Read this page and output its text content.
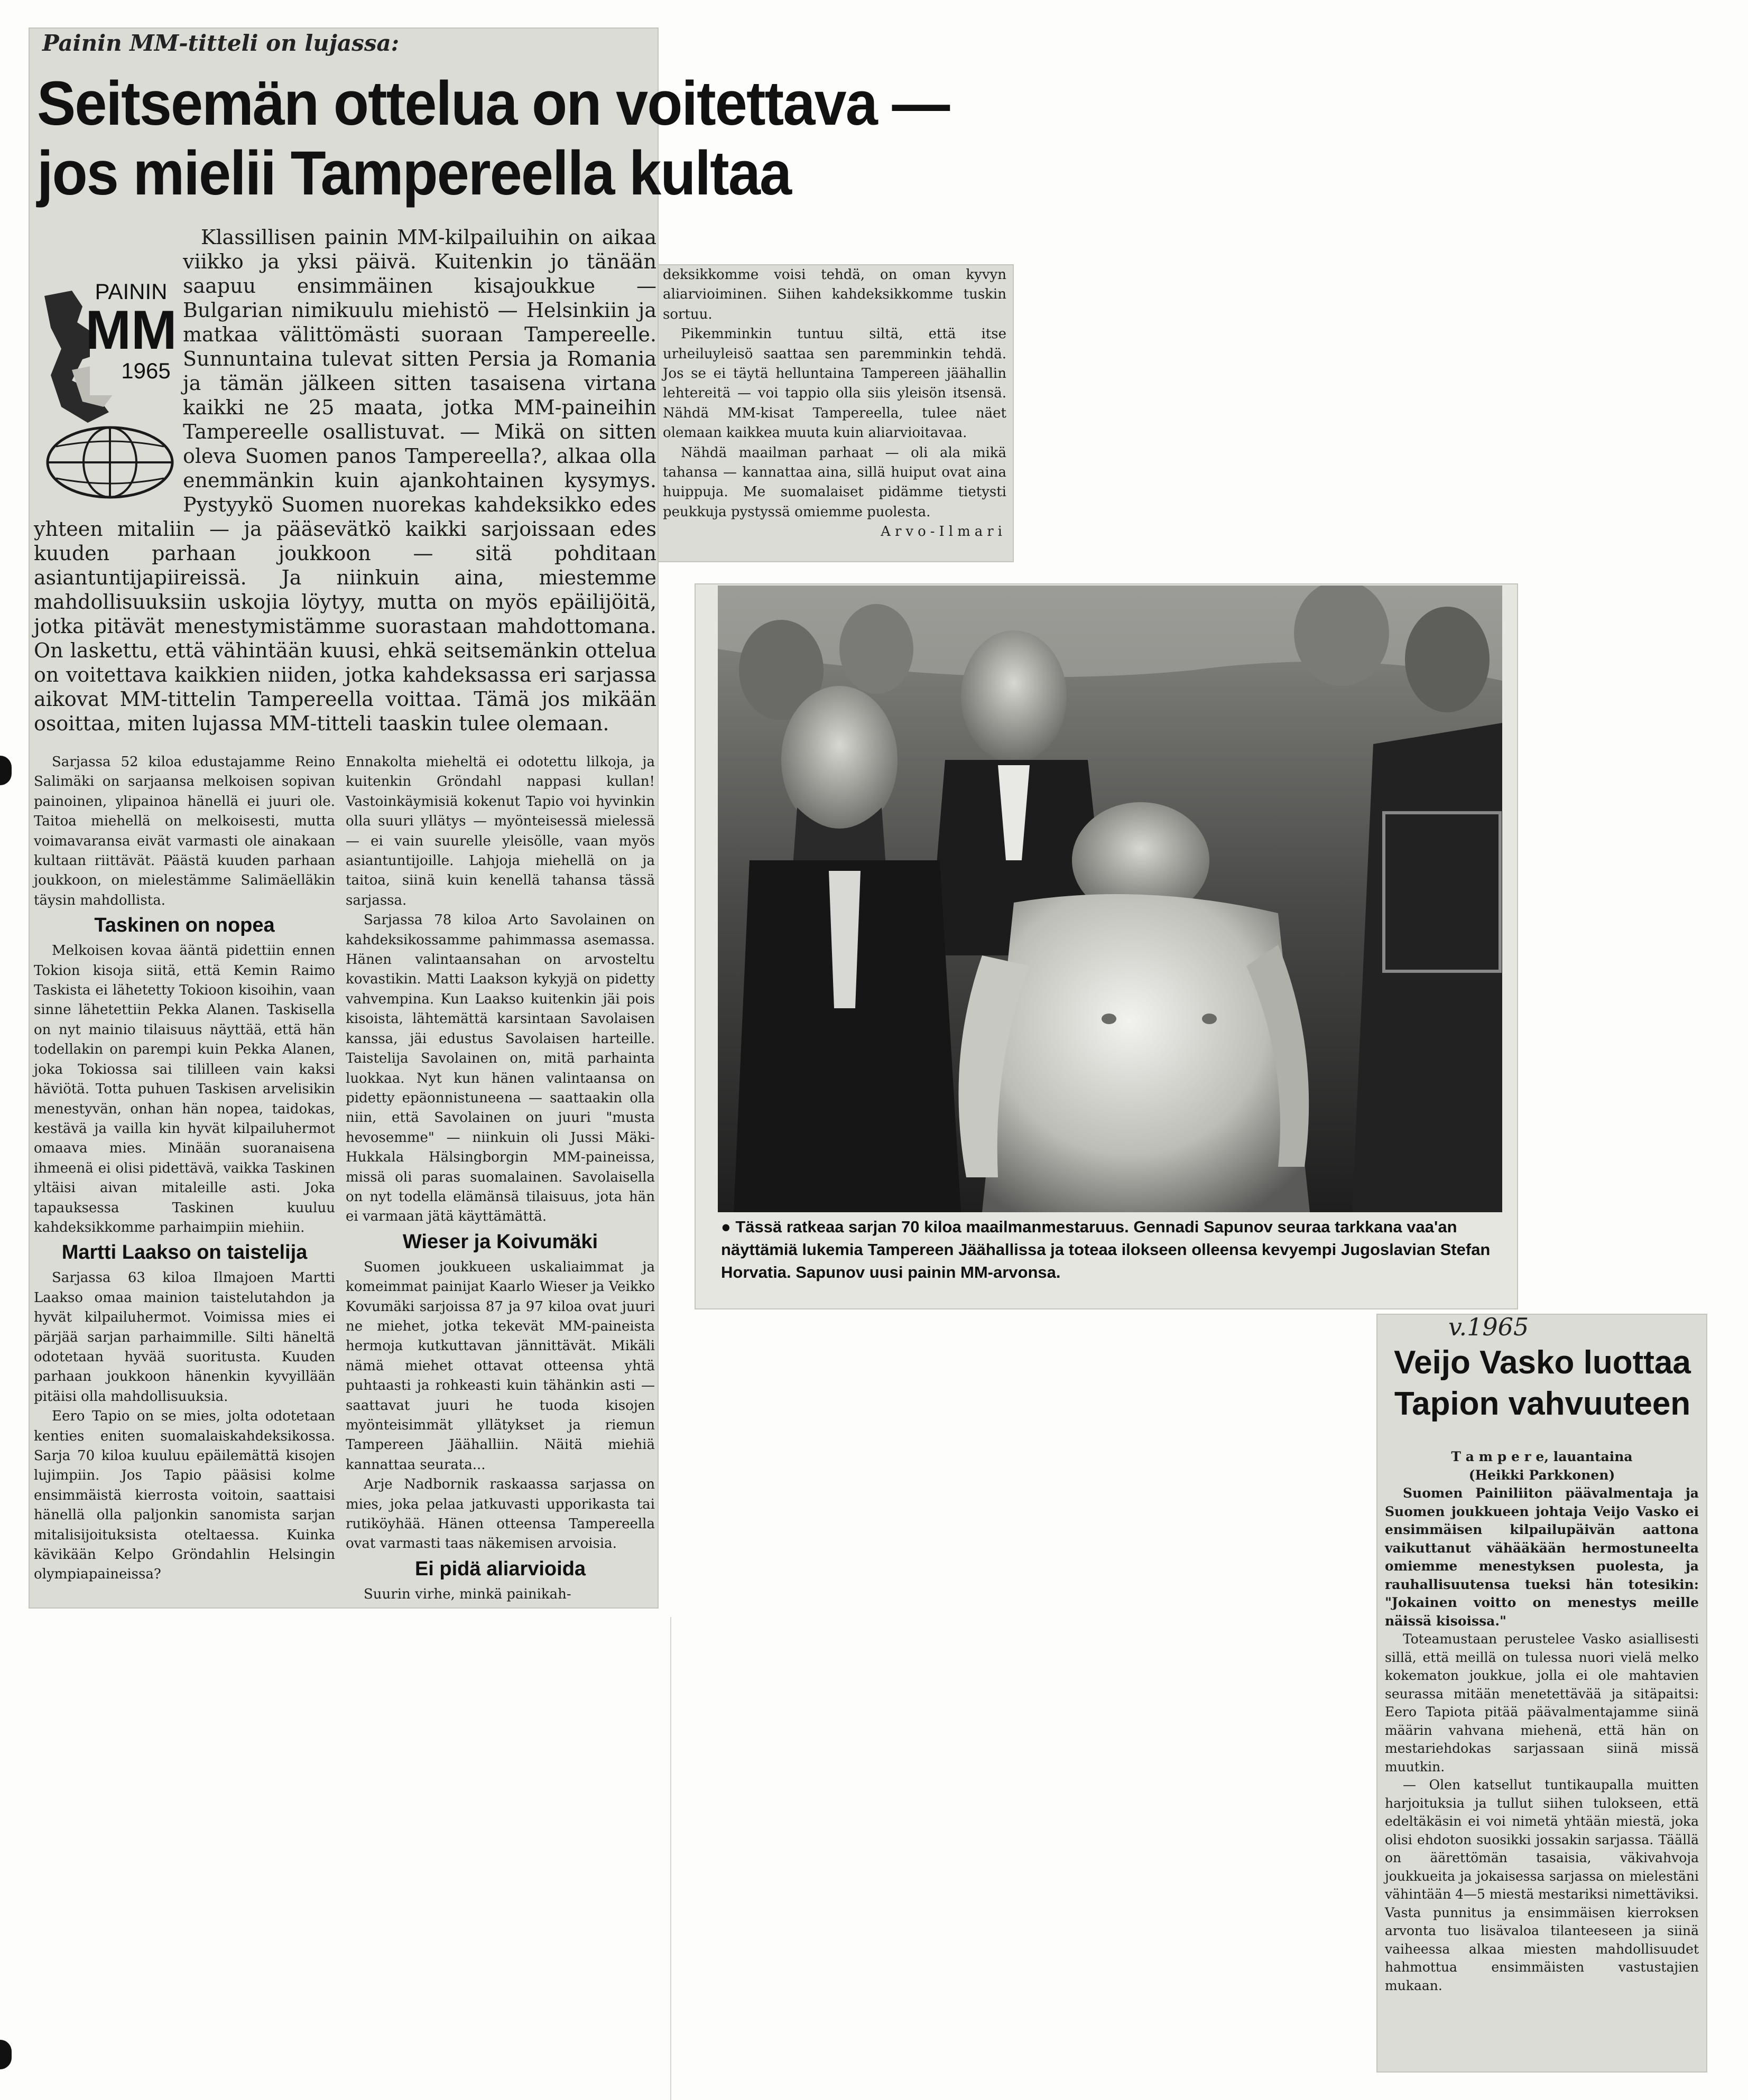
Painin MM-titteli on lujassa:
Seitsemän ottelua on voitettava —
jos mielii Tampereella kultaa
PAININ
MM
1965

Klassillisen painin MM-kilpailuihin on aikaa viikko ja yksi päivä. Kuitenkin jo tänään saapuu ensimmäinen kisajoukkue — Bulgarian nimikuulu miehistö — Helsinkiin ja matkaa välittömästi suoraan Tampereelle. Sunnuntaina tulevat sitten Persia ja Romania ja tämän jälkeen sitten tasaisena virtana kaikki ne 25 maata, jotka MM-paineihin Tampereelle osallistuvat. — Mikä on sitten oleva Suomen panos Tampereella?, alkaa olla enemmänkin kuin ajankohtainen kysymys. Pystyykö Suomen nuorekas kahdeksikko edes yhteen mitaliin — ja pääsevätkö kaikki sarjoissaan edes kuuden parhaan joukkoon — sitä pohditaan asiantuntijapiireissä. Ja niinkuin aina, miestemme mahdollisuuksiin uskojia löytyy, mutta on myös epäilijöitä, jotka pitävät menestymistämme suorastaan mahdottomana. On laskettu, että vähintään kuusi, ehkä seitsemänkin ottelua on voitettava kaikkien niiden, jotka kahdeksassa eri sarjassa aikovat MM-tittelin Tampereella voittaa. Tämä jos mikään osoittaa, miten lujassa MM-titteli taaskin tulee olemaan.

Sarjassa 52 kiloa edustajamme Reino Salimäki on sarjaansa melkoisen sopivan painoinen, ylipainoa hänellä ei juuri ole. Taitoa miehellä on melkoisesti, mutta voimavaransa eivät varmasti ole ainakaan kultaan riittävät. Päästä kuuden parhaan joukkoon, on mielestämme Salimäelläkin täysin mahdollista.

Taskinen on nopea

Melkoisen kovaa ääntä pidettiin ennen Tokion kisoja siitä, että Kemin Raimo Taskista ei lähetetty Tokioon kisoihin, vaan sinne lähetettiin Pekka Alanen. Taskisella on nyt mainio tilaisuus näyttää, että hän todellakin on parempi kuin Pekka Alanen, joka Tokiossa sai tililleen vain kaksi häviötä. Totta puhuen Taskisen arvelisikin menestyvän, onhan hän nopea, taidokas, kestävä ja vailla kin hyvät kilpailuhermot omaava mies. Minään suoranaisena ihmeenä ei olisi pidettävä, vaikka Taskinen yltäisi aivan mitaleille asti. Joka tapauksessa Taskinen kuuluu kahdeksikkomme parhaimpiin miehiin.

Martti Laakso on taistelija

Sarjassa 63 kiloa Ilmajoen Martti Laakso omaa mainion taistelutahdon ja hyvät kilpailuhermot. Voimissa mies ei pärjää sarjan parhaimmille. Silti häneltä odotetaan hyvää suoritusta. Kuuden parhaan joukkoon hänenkin kyvyillään pitäisi olla mahdollisuuksia.

Eero Tapio on se mies, jolta odotetaan kenties eniten suomalaiskahdeksikossa. Sarja 70 kiloa kuuluu epäilemättä kisojen lujimpiin. Jos Tapio pääsisi kolme ensimmäistä kierrosta voitoin, saattaisi hänellä olla paljonkin sanomista sarjan mitalisijoituksista oteltaessa. Kuinka kävikään Kelpo Gröndahlin Helsingin olympiapaineissa?

Ennakolta mieheltä ei odotettu lilkoja, ja kuitenkin Gröndahl nappasi kullan! Vastoinkäymisiä kokenut Tapio voi hyvinkin olla suuri yllätys — myönteisessä mielessä — ei vain suurelle yleisölle, vaan myös asiantuntijoille. Lahjoja miehellä on ja taitoa, siinä kuin kenellä tahansa tässä sarjassa.

Sarjassa 78 kiloa Arto Savolainen on kahdeksikossamme pahimmassa asemassa. Hänen valintaansahan on arvosteltu kovastikin. Matti Laakson kykyjä on pidetty vahvempina. Kun Laakso kuitenkin jäi pois kisoista, lähtemättä karsintaan Savolaisen kanssa, jäi edustus Savolaisen harteille. Taistelija Savolainen on, mitä parhainta luokkaa. Nyt kun hänen valintaansa on pidetty epäonnistuneena — saattaakin olla niin, että Savolainen on juuri "musta hevosemme" — niinkuin oli Jussi Mäki-Hukkala Hälsingborgin MM-paineissa, missä oli paras suomalainen. Savolaisella on nyt todella elämänsä tilaisuus, jota hän ei varmaan jätä käyttämättä.

Wieser ja Koivumäki

Suomen joukkueen uskaliaimmat ja komeimmat painijat Kaarlo Wieser ja Veikko Kovumäki sarjoissa 87 ja 97 kiloa ovat juuri ne miehet, jotka tekevät MM-paineista hermoja kutkuttavan jännittävät. Mikäli nämä miehet ottavat otteensa yhtä puhtaasti ja rohkeasti kuin tähänkin asti — saattavat juuri he tuoda kisojen myönteisimmät yllätykset ja riemun Tampereen Jäähalliin. Näitä miehiä kannattaa seurata...

Arje Nadbornik raskaassa sarjassa on mies, joka pelaa jatkuvasti upporikasta tai rutiköyhää. Hänen otteensa Tampereella ovat varmasti taas näkemisen arvoisia.

Ei pidä aliarvioida

Suurin virhe, minkä painikah-

deksikkomme voisi tehdä, on oman kyvyn aliarvioiminen. Siihen kahdeksikkomme tuskin sortuu.

Pikemminkin tuntuu siltä, että itse urheiluyleisö saattaa sen paremminkin tehdä. Jos se ei täytä helluntaina Tampereen jäähallin lehtereitä — voi tappio olla siis yleisön itsensä. Nähdä MM-kisat Tampereella, tulee näet olemaan kaikkea muuta kuin aliarvioitavaa.

Nähdä maailman parhaat — oli ala mikä tahansa — kannattaa aina, sillä huiput ovat aina huippuja. Me suomalaiset pidämme tietysti peukkuja pystyssä omiemme puolesta.

Arvo-Ilmari
● Tässä ratkeaa sarjan 70 kiloa maailmanmestaruus. Gennadi Sapunov seuraa tarkkana vaa'an näyttämiä lukemia Tampereen Jäähallissa ja toteaa ilokseen olleensa kevyempi Jugoslavian Stefan Horvatia. Sapunov uusi painin MM-arvonsa.
v.1965
Veijo Vasko luottaa
Tapion vahvuuteen
T a m p e r e, lauantaina
(Heikki Parkkonen)

Suomen Painiliiton päävalmentaja ja Suomen joukkueen johtaja Veijo Vasko ei ensimmäisen kilpailupäivän aattona vaikuttanut vähääkään hermostuneelta omiemme menestyksen puolesta, ja rauhallisuutensa tueksi hän totesikin: "Jokainen voitto on menestys meille näissä kisoissa."

Toteamustaan perustelee Vasko asiallisesti sillä, että meillä on tulessa nuori vielä melko kokematon joukkue, jolla ei ole mahtavien seurassa mitään menetettävää ja sitäpaitsi: Eero Tapiota pitää päävalmentajamme siinä määrin vahvana miehenä, että hän on mestariehdokas sarjassaan siinä missä muutkin.

— Olen katsellut tuntikaupalla muitten harjoituksia ja tullut siihen tulokseen, että edeltäkäsin ei voi nimetä yhtään miestä, joka olisi ehdoton suosikki jossakin sarjassa. Täällä on äärettömän tasaisia, väkivahvoja joukkueita ja jokaisessa sarjassa on mielestäni vähintään 4—5 miestä mestariksi nimettäviksi. Vasta punnitus ja ensimmäisen kierroksen arvonta tuo lisävaloa tilanteeseen ja siinä vaiheessa alkaa miesten mahdollisuudet hahmottua ensimmäisten vastustajien mukaan.
